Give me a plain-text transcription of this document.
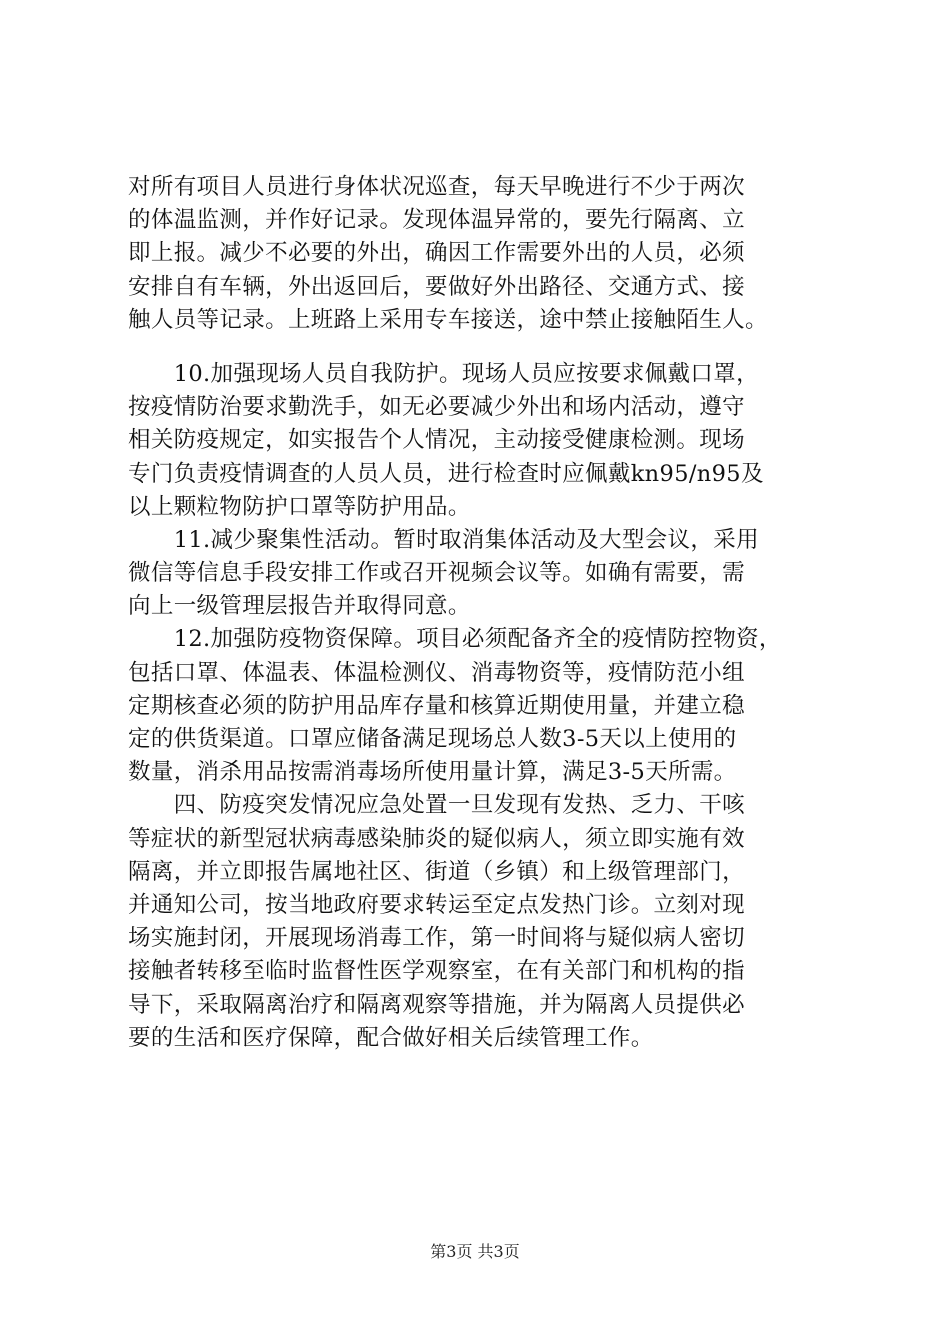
对所有项目人员进行身体状况巡查，每天早晚进行不少于两次
的体温监测，并作好记录。发现体温异常的，要先行隔离、立
即上报。减少不必要的外出，确因工作需要外出的人员，必须
安排自有车辆，外出返回后，要做好外出路径、交通方式、接
触人员等记录。上班路上采用专车接送，途中禁止接触陌生人。
　　10.加强现场人员自我防护。现场人员应按要求佩戴口罩，
按疫情防治要求勤洗手，如无必要减少外出和场内活动，遵守
相关防疫规定，如实报告个人情况，主动接受健康检测。现场
专门负责疫情调查的人员人员，进行检查时应佩戴kn95/n95及
以上颗粒物防护口罩等防护用品。
　　11.减少聚集性活动。暂时取消集体活动及大型会议，采用
微信等信息手段安排工作或召开视频会议等。如确有需要，需
向上一级管理层报告并取得同意。
　　12.加强防疫物资保障。项目必须配备齐全的疫情防控物资，
包括口罩、体温表、体温检测仪、消毒物资等，疫情防范小组
定期核查必须的防护用品库存量和核算近期使用量，并建立稳
定的供货渠道。口罩应储备满足现场总人数3-5天以上使用的
数量，消杀用品按需消毒场所使用量计算，满足3-5天所需。
　　四、防疫突发情况应急处置一旦发现有发热、乏力、干咳
等症状的新型冠状病毒感染肺炎的疑似病人，须立即实施有效
隔离，并立即报告属地社区、街道（乡镇）和上级管理部门，
并通知公司，按当地政府要求转运至定点发热门诊。立刻对现
场实施封闭，开展现场消毒工作，第一时间将与疑似病人密切
接触者转移至临时监督性医学观察室，在有关部门和机构的指
导下，采取隔离治疗和隔离观察等措施，并为隔离人员提供必
要的生活和医疗保障，配合做好相关后续管理工作。
第3页 共3页
